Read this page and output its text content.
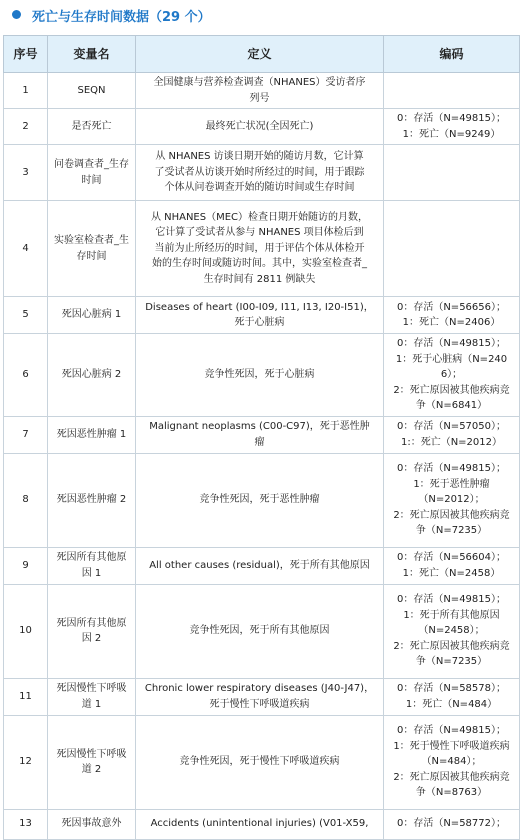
死亡与生存时间数据（29 个）
序号	变量名	定义	编码
1	SEQN	全国健康与营养检查调查（NHANES）受访者序
列号	

2	是否死亡	最终死亡状况(全因死亡)	0：存活（N=49815）；
1：死亡（N=9249）

3	问卷调查者_生存时间	从 NHANES 访谈日期开始的随访月数，它计算
了受试者从访谈开始时所经过的时间，用于跟踪
个体从问卷调查开始的随访时间或生存时间	

4	实验室检查者_生存时间	从 NHANES（MEC）检查日期开始随访的月数，
它计算了受试者从参与 NHANES 项目体检后到
当前为止所经历的时间，用于评估个体从体检开
始的生存时间或随访时间。其中，实验室检查者_
生存时间有 2811 例缺失	

5	死因心脏病 1	Diseases of heart (I00-I09, I11, I13, I20-I51)，
死于心脏病	0：存活（N=56656）；
1：死亡（N=2406）

6	死因心脏病 2	竞争性死因，死于心脏病	0：存活（N=49815）；
1：死于心脏病（N=2406）；
2：死亡原因被其他疾病竞
争（N=6841）

7	死因恶性肿瘤 1	Malignant neoplasms (C00-C97)，死于恶性肿
瘤	0：存活（N=57050）；
1:：死亡（N=2012）

8	死因恶性肿瘤 2	竞争性死因，死于恶性肿瘤	0：存活（N=49815）；
1：死于恶性肿瘤
（N=2012）；
2：死亡原因被其他疾病竞
争（N=7235）

9	死因所有其他原因 1	All other causes (residual)，死于所有其他原因	0：存活（N=56604）；
1：死亡（N=2458）

10	死因所有其他原因 2	竞争性死因，死于所有其他原因	0：存活（N=49815）；
1：死于所有其他原因
（N=2458）；
2：死亡原因被其他疾病竞
争（N=7235）

11	死因慢性下呼吸道 1	Chronic lower respiratory diseases (J40-J47)，
死于慢性下呼吸道疾病	0：存活（N=58578）；
1：死亡（N=484）

12	死因慢性下呼吸道 2	竞争性死因，死于慢性下呼吸道疾病	0：存活（N=49815）；
1：死于慢性下呼吸道疾病
（N=484）；
2：死亡原因被其他疾病竞
争（N=8763）

13	死因事故意外	Accidents (unintentional injuries) (V01-X59,	0：存活（N=58772）；
